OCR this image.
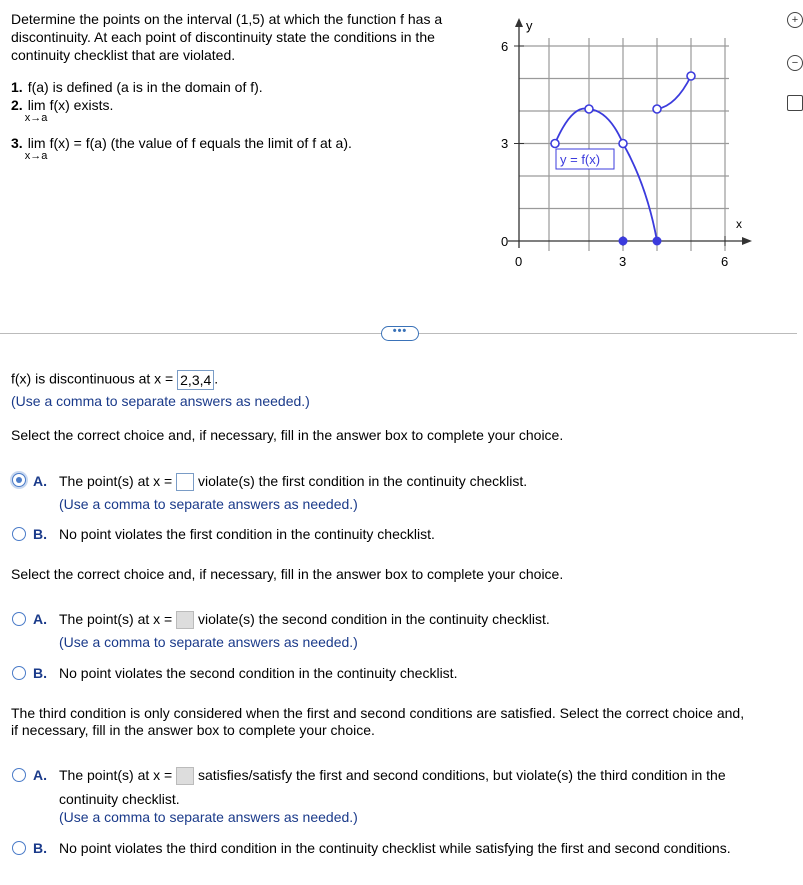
Determine the points on the interval (1,5) at which the function f has a discontinuity. At each point of discontinuity state the conditions in the continuity checklist that are violated.
1. f(a) is defined (a is in the domain of f).
2. lim
x→a
f(x) exists.
3. lim
x→a
f(x) = f(a) (the value of f equals the limit of f at a).
y
x
6
3
0
0	3	6
y = f(x)
+
−
•••
f(x) is discontinuous at x = 2,3,4 .
(Use a comma to separate answers as needed.)
Select the correct choice and, if necessary, fill in the answer box to complete your choice.
A. The point(s) at x = violate(s) the first condition in the continuity checklist.
(Use a comma to separate answers as needed.)
B. No point violates the first condition in the continuity checklist.
Select the correct choice and, if necessary, fill in the answer box to complete your choice.
A. The point(s) at x = violate(s) the second condition in the continuity checklist.
(Use a comma to separate answers as needed.)
B. No point violates the second condition in the continuity checklist.
The third condition is only considered when the first and second conditions are satisfied. Select the correct choice and,
if necessary, fill in the answer box to complete your choice.
A. The point(s) at x = satisfies/satisfy the first and second conditions, but violate(s) the third condition in the
continuity checklist.
(Use a comma to separate answers as needed.)
B. No point violates the third condition in the continuity checklist while satisfying the first and second conditions.
